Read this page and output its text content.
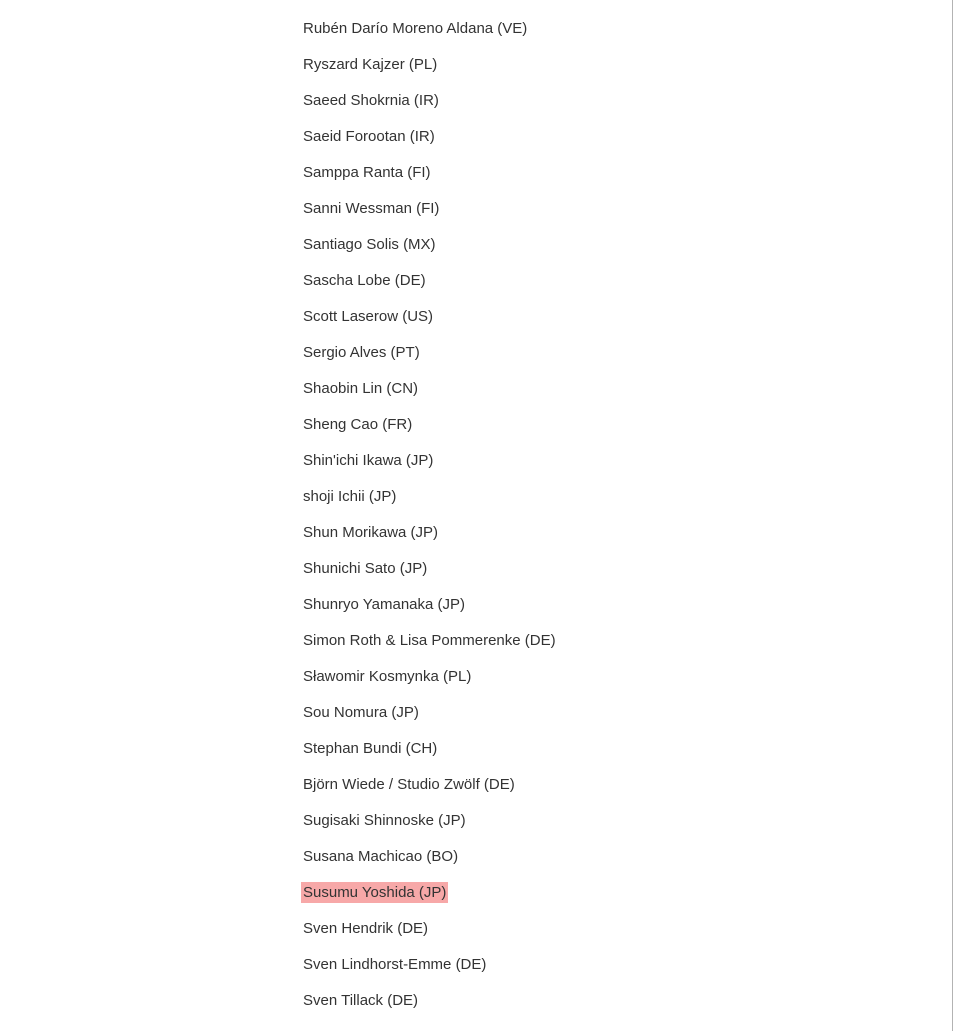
Rubén Darío Moreno Aldana (VE)
Ryszard Kajzer (PL)
Saeed Shokrnia (IR)
Saeid Forootan (IR)
Samppa Ranta (FI)
Sanni Wessman (FI)
Santiago Solis (MX)
Sascha Lobe (DE)
Scott Laserow (US)
Sergio Alves (PT)
Shaobin Lin (CN)
Sheng Cao (FR)
Shin'ichi Ikawa (JP)
shoji Ichii (JP)
Shun Morikawa (JP)
Shunichi Sato (JP)
Shunryo Yamanaka (JP)
Simon Roth & Lisa Pommerenke (DE)
Sławomir Kosmynka (PL)
Sou Nomura (JP)
Stephan Bundi (CH)
Björn Wiede / Studio Zwölf (DE)
Sugisaki Shinnoske (JP)
Susana Machicao (BO)
Susumu Yoshida (JP)
Sven Hendrik (DE)
Sven Lindhorst-Emme (DE)
Sven Tillack (DE)
